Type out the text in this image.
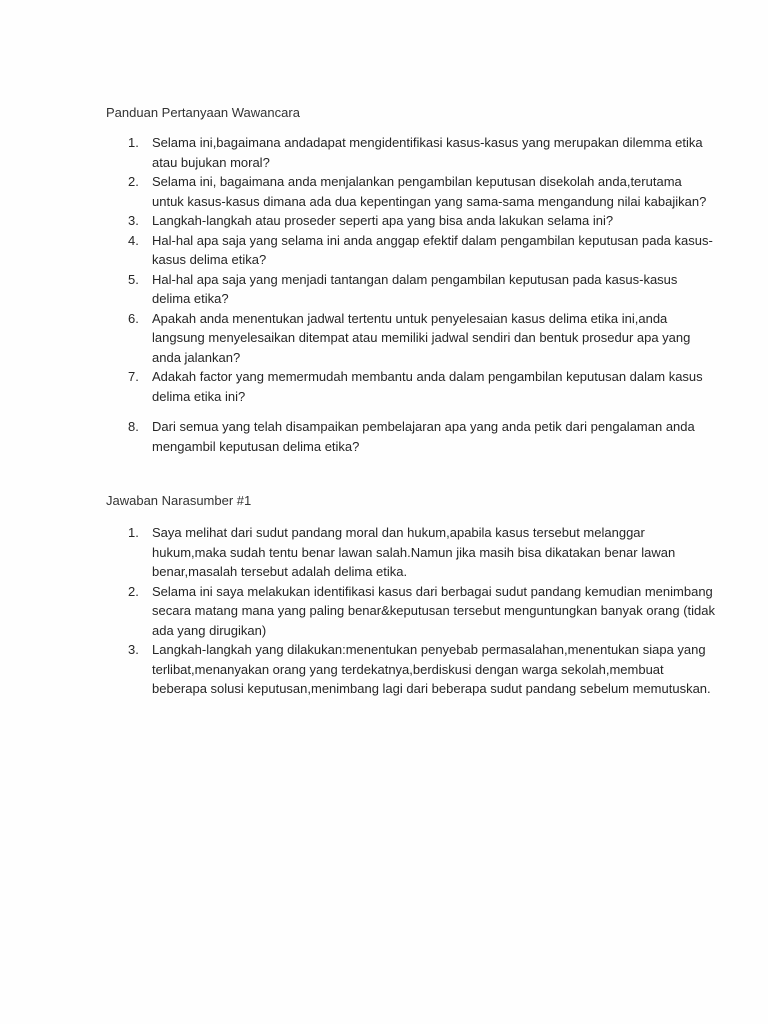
Panduan Pertanyaan Wawancara
1. Selama ini,bagaimana andadapat mengidentifikasi kasus-kasus yang merupakan dilemma etika atau bujukan moral?
2. Selama ini, bagaimana anda menjalankan pengambilan keputusan disekolah anda,terutama untuk kasus-kasus dimana ada dua kepentingan yang sama-sama mengandung nilai kabajikan?
3. Langkah-langkah atau proseder seperti apa yang bisa anda lakukan selama ini?
4. Hal-hal apa saja yang selama ini anda anggap efektif dalam pengambilan keputusan pada kasus-kasus delima etika?
5. Hal-hal apa saja yang menjadi tantangan dalam pengambilan keputusan pada kasus-kasus delima etika?
6. Apakah anda menentukan jadwal tertentu untuk penyelesaian kasus delima etika ini,anda langsung menyelesaikan ditempat atau memiliki jadwal sendiri dan bentuk prosedur apa yang anda jalankan?
7. Adakah factor yang memermudah membantu anda dalam pengambilan keputusan dalam kasus delima etika ini?
8. Dari semua yang telah disampaikan pembelajaran apa yang anda petik dari pengalaman anda mengambil keputusan delima etika?
Jawaban Narasumber #1
1. Saya melihat dari sudut pandang moral dan hukum,apabila kasus tersebut melanggar hukum,maka sudah tentu benar lawan salah.Namun jika masih bisa dikatakan benar lawan benar,masalah tersebut adalah delima etika.
2. Selama ini saya melakukan identifikasi kasus dari berbagai sudut pandang kemudian menimbang secara matang mana yang paling benar&keputusan tersebut menguntungkan banyak orang (tidak ada yang dirugikan)
3. Langkah-langkah yang dilakukan:menentukan penyebab permasalahan,menentukan siapa yang terlibat,menanyakan orang yang terdekatnya,berdiskusi dengan warga sekolah,membuat beberapa solusi keputusan,menimbang lagi dari beberapa sudut pandang sebelum memutuskan.
